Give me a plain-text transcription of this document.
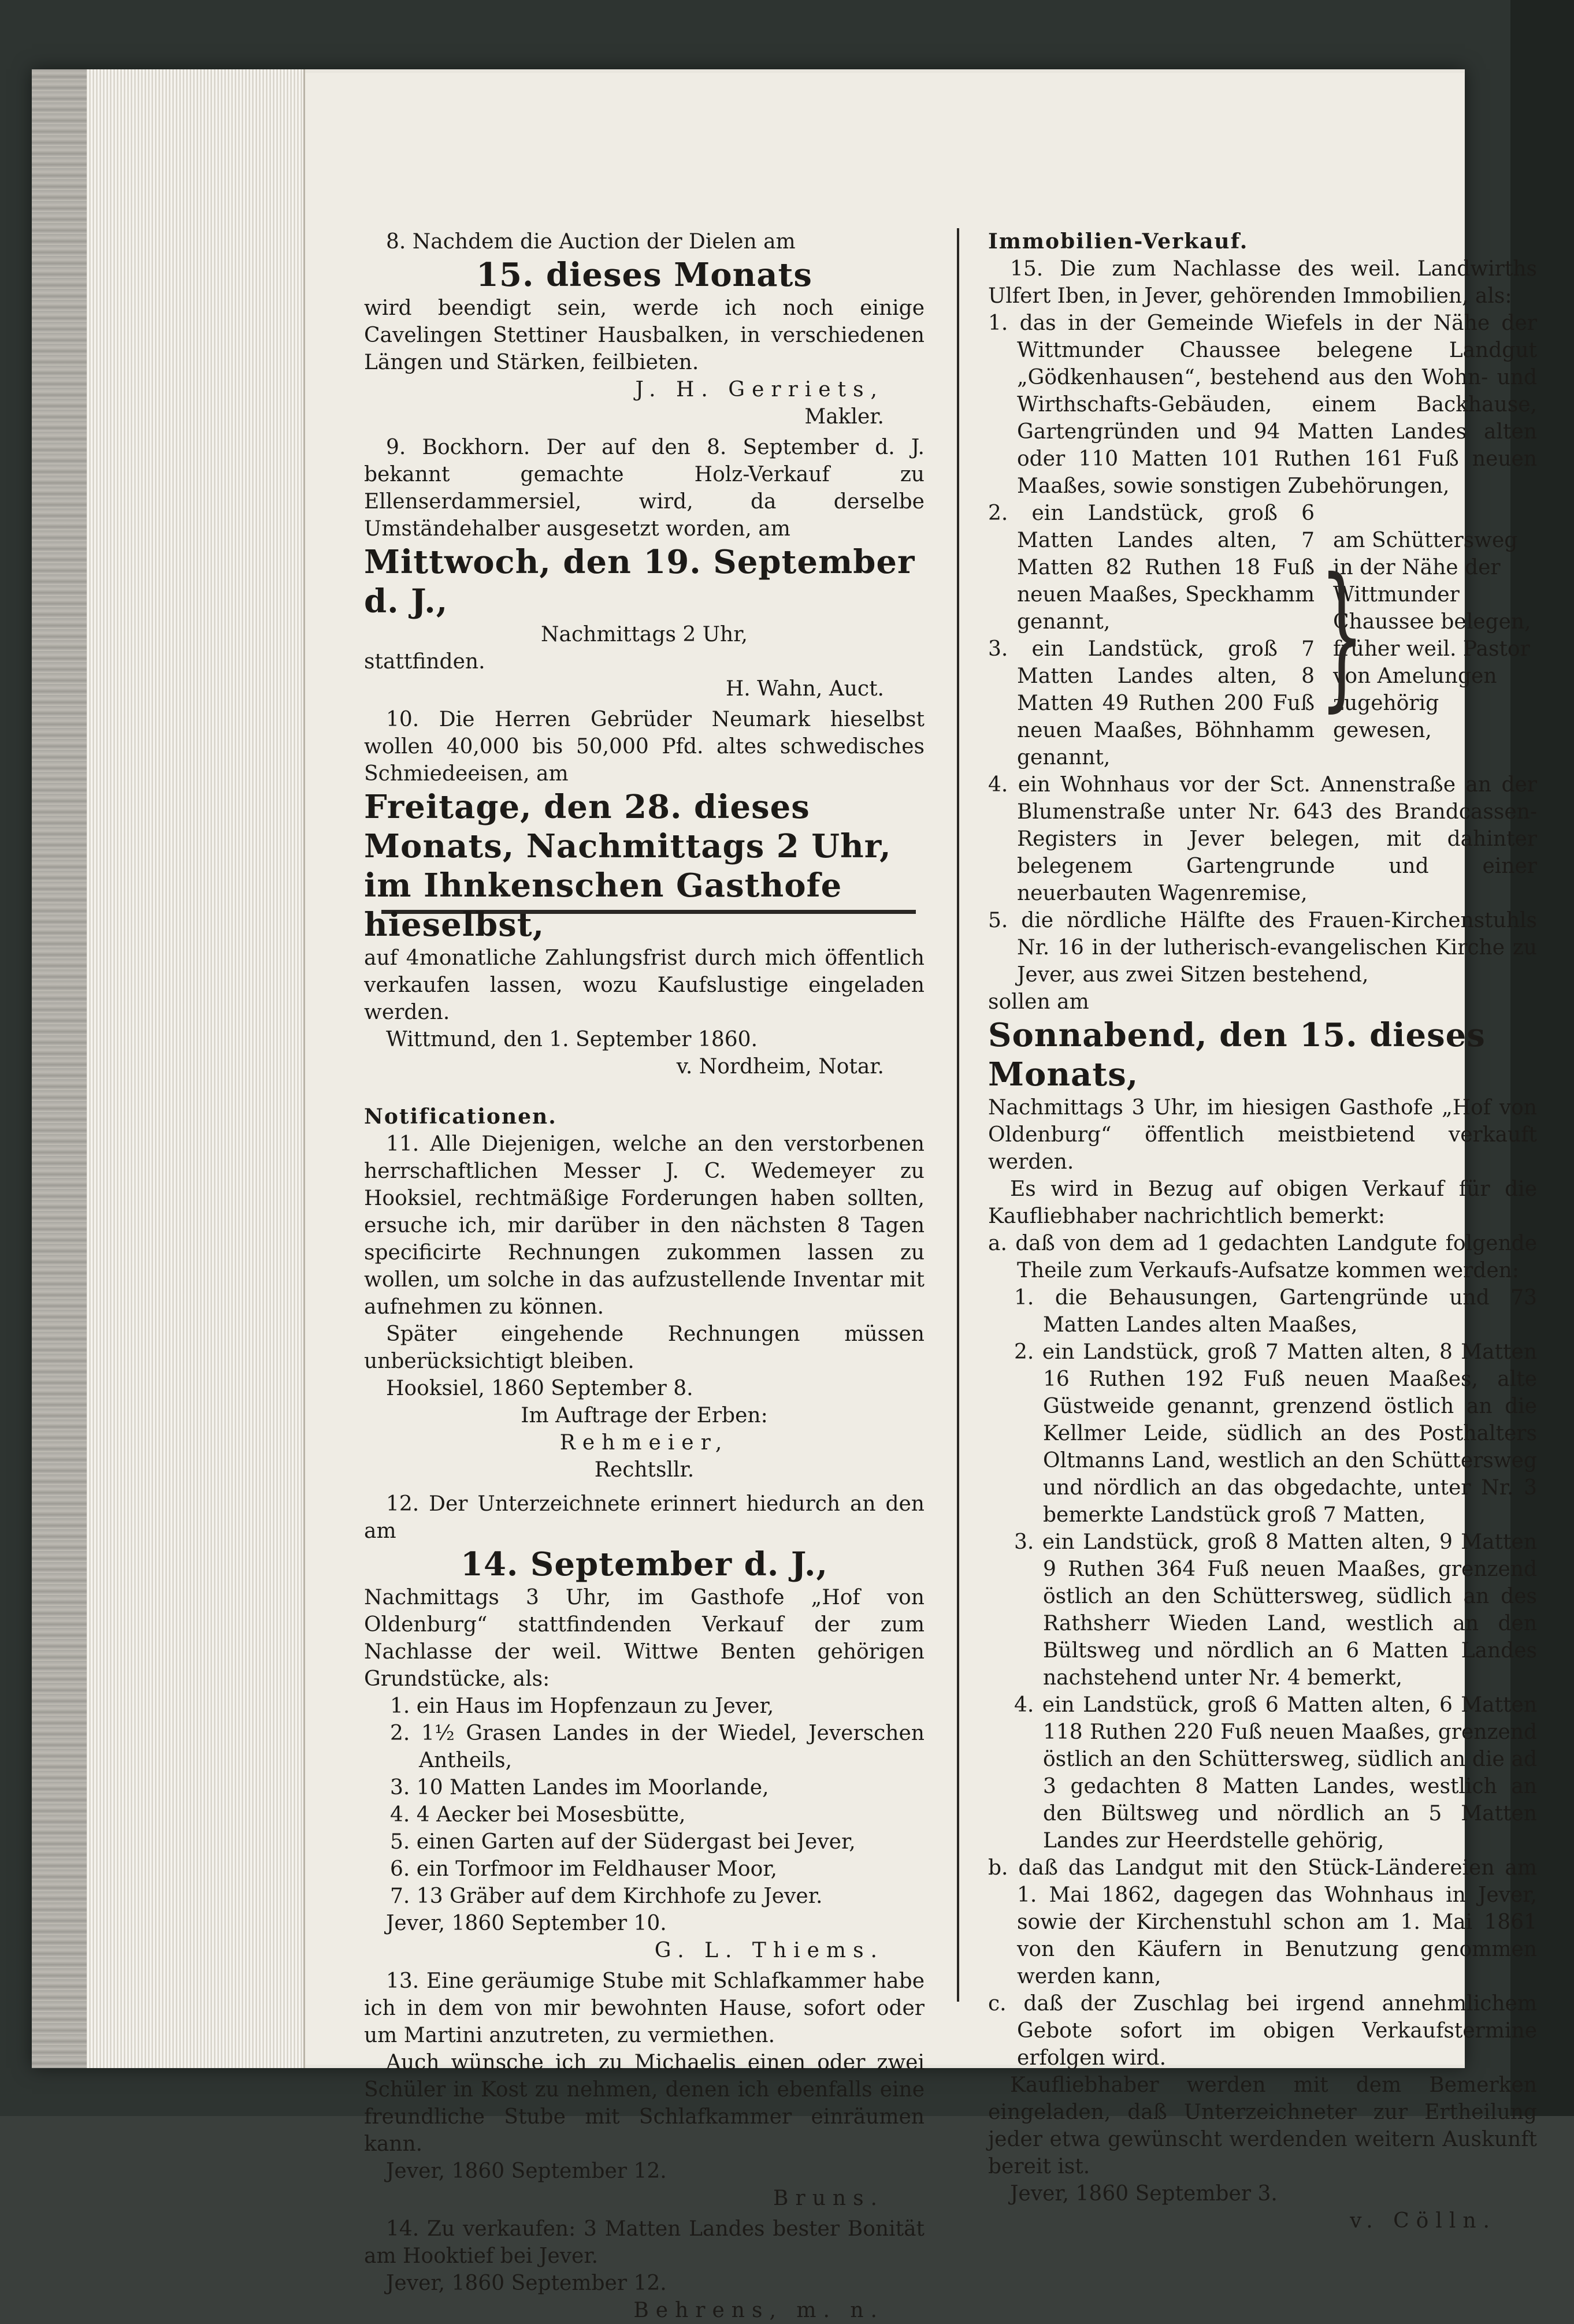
8. Nachdem die Auction der Dielen am

15. dieses Monats

wird beendigt sein, werde ich noch einige Cavelingen Stettiner Hausbalken, in verschiedenen Längen und Stärken, feilbieten.

J. H. Gerriets,

Makler.

9. Bockhorn. Der auf den 8. September d. J. bekannt gemachte Holz-Verkauf zu Ellenserdammersiel, wird, da derselbe Umständehalber ausgesetzt worden, am

Mittwoch, den 19. September d. J.,

Nachmittags 2 Uhr,

stattfinden.

H. Wahn, Auct.

10. Die Herren Gebrüder Neumark hieselbst wollen 40,000 bis 50,000 Pfd. altes schwedisches Schmiedeeisen, am

Freitage, den 28. dieses Monats, Nachmittags 2 Uhr, im Ihnkenschen Gasthofe hieselbst,

auf 4monatliche Zahlungsfrist durch mich öffentlich verkaufen lassen, wozu Kaufslustige eingeladen werden.

Wittmund, den 1. September 1860.

v. Nordheim, Notar.

Notificationen.

11. Alle Diejenigen, welche an den verstorbenen herrschaftlichen Messer J. C. Wedemeyer zu Hooksiel, rechtmäßige Forderungen haben sollten, ersuche ich, mir darüber in den nächsten 8 Tagen specificirte Rechnungen zukommen lassen zu wollen, um solche in das aufzustellende Inventar mit aufnehmen zu können.

Später eingehende Rechnungen müssen unberücksichtigt bleiben.

Hooksiel, 1860 September 8.

Im Auftrage der Erben:

Rehmeier,

Rechtsllr.

12. Der Unterzeichnete erinnert hiedurch an den am

14. September d. J.,

Nachmittags 3 Uhr, im Gasthofe „Hof von Oldenburg“ stattfindenden Verkauf der zum Nachlasse der weil. Wittwe Benten gehörigen Grundstücke, als:

1. ein Haus im Hopfenzaun zu Jever,

2. 1½ Grasen Landes in der Wiedel, Jeverschen Antheils,

3. 10 Matten Landes im Moorlande,

4. 4 Aecker bei Mosesbütte,

5. einen Garten auf der Südergast bei Jever,

6. ein Torfmoor im Feldhauser Moor,

7. 13 Gräber auf dem Kirchhofe zu Jever.

Jever, 1860 September 10.

G. L. Thiems.

13. Eine geräumige Stube mit Schlafkammer habe ich in dem von mir bewohnten Hause, sofort oder um Martini anzutreten, zu vermiethen.

Auch wünsche ich zu Michaelis einen oder zwei Schüler in Kost zu nehmen, denen ich ebenfalls eine freundliche Stube mit Schlafkammer einräumen kann.

Jever, 1860 September 12.

Bruns.

14. Zu verkaufen: 3 Matten Landes bester Bonität am Hooktief bei Jever.

Jever, 1860 September 12.

Behrens, m. n.

Immobilien-Verkauf.

15. Die zum Nachlasse des weil. Landwirths Ulfert Iben, in Jever, gehörenden Immobilien, als:

1. das in der Gemeinde Wiefels in der Nähe der Wittmunder Chaussee belegene Landgut „Gödkenhausen“, bestehend aus den Wohn- und Wirthschafts-Gebäuden, einem Backhause, Gartengründen und 94 Matten Landes alten oder 110 Matten 101 Ruthen 161 Fuß neuen Maaßes, sowie sonstigen Zubehörungen,

2. ein Landstück, groß 6 Matten Landes alten, 7 Matten 82 Ruthen 18 Fuß neuen Maaßes, Speckhamm genannt,

3. ein Landstück, groß 7 Matten Landes alten, 8 Matten 49 Ruthen 200 Fuß neuen Maaßes, Böhnhamm genannt,

}
am Schüttersweg in der Nähe der Wittmunder Chaussee belegen, früher weil. Pastor von Amelungen zugehörig gewesen,

4. ein Wohnhaus vor der Sct. Annenstraße an der Blumenstraße unter Nr. 643 des Brandcassen-Registers in Jever belegen, mit dahinter belegenem Gartengrunde und einer neuerbauten Wagenremise,

5. die nördliche Hälfte des Frauen-Kirchenstuhls Nr. 16 in der lutherisch-evangelischen Kirche zu Jever, aus zwei Sitzen bestehend,

sollen am

Sonnabend, den 15. dieses Monats,

Nachmittags 3 Uhr, im hiesigen Gasthofe „Hof von Oldenburg“ öffentlich meistbietend verkauft werden.

Es wird in Bezug auf obigen Verkauf für die Kaufliebhaber nachrichtlich bemerkt:

a. daß von dem ad 1 gedachten Landgute folgende Theile zum Verkaufs-Aufsatze kommen werden:

1. die Behausungen, Gartengründe und 73 Matten Landes alten Maaßes,

2. ein Landstück, groß 7 Matten alten, 8 Matten 16 Ruthen 192 Fuß neuen Maaßes, alte Güstweide genannt, grenzend östlich an die Kellmer Leide, südlich an des Posthalters Oltmanns Land, westlich an den Schüttersweg und nördlich an das obgedachte, unter Nr. 3 bemerkte Landstück groß 7 Matten,

3. ein Landstück, groß 8 Matten alten, 9 Matten 9 Ruthen 364 Fuß neuen Maaßes, grenzend östlich an den Schüttersweg, südlich an des Rathsherr Wieden Land, westlich an den Bültsweg und nördlich an 6 Matten Landes nachstehend unter Nr. 4 bemerkt,

4. ein Landstück, groß 6 Matten alten, 6 Matten 118 Ruthen 220 Fuß neuen Maaßes, grenzend östlich an den Schüttersweg, südlich an die ad 3 gedachten 8 Matten Landes, westlich an den Bültsweg und nördlich an 5 Matten Landes zur Heerdstelle gehörig,

b. daß das Landgut mit den Stück-Ländereien am 1. Mai 1862, dagegen das Wohnhaus in Jever, sowie der Kirchenstuhl schon am 1. Mai 1861 von den Käufern in Benutzung genommen werden kann,

c. daß der Zuschlag bei irgend annehmlichem Gebote sofort im obigen Verkaufstermine erfolgen wird.

Kaufliebhaber werden mit dem Bemerken eingeladen, daß Unterzeichneter zur Ertheilung jeder etwa gewünscht werdenden weitern Auskunft bereit ist.

Jever, 1860 September 3.

v. Cölln.
